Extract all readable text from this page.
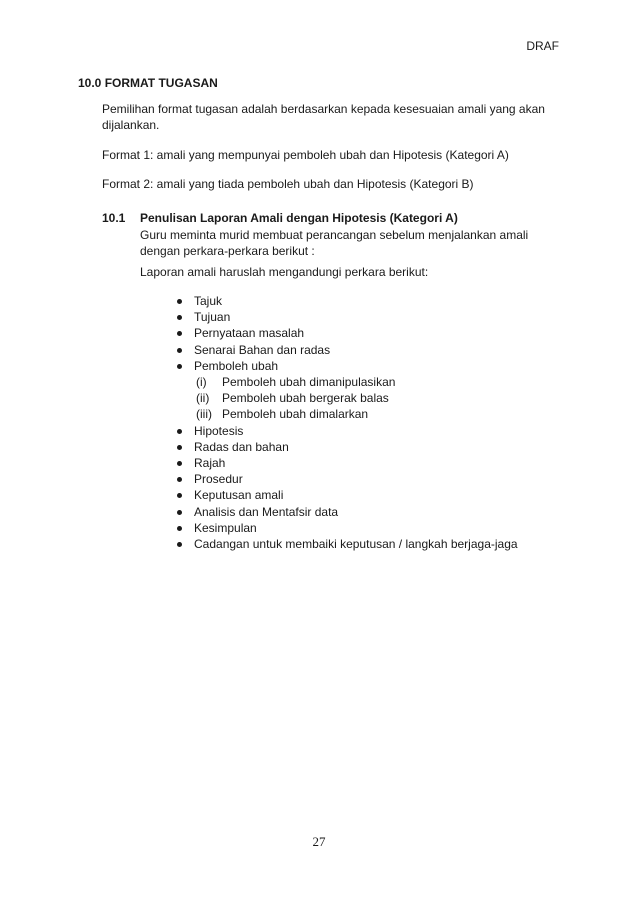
DRAF
10.0 FORMAT TUGASAN
Pemilihan format tugasan adalah berdasarkan kepada kesesuaian amali yang akan dijalankan.
Format 1: amali yang mempunyai pemboleh ubah dan Hipotesis (Kategori A)
Format 2: amali yang tiada pemboleh ubah dan Hipotesis (Kategori B)
10.1 Penulisan Laporan Amali dengan Hipotesis (Kategori A)
Guru meminta murid membuat perancangan sebelum menjalankan amali dengan perkara-perkara berikut :
Laporan amali haruslah mengandungi perkara berikut:
Tajuk
Tujuan
Pernyataan masalah
Senarai Bahan dan radas
Pemboleh ubah
(i) Pemboleh ubah dimanipulasikan
(ii) Pemboleh ubah bergerak balas
(iii) Pemboleh ubah dimalarkan
Hipotesis
Radas dan bahan
Rajah
Prosedur
Keputusan amali
Analisis dan Mentafsir data
Kesimpulan
Cadangan untuk membaiki keputusan / langkah berjaga-jaga
27
